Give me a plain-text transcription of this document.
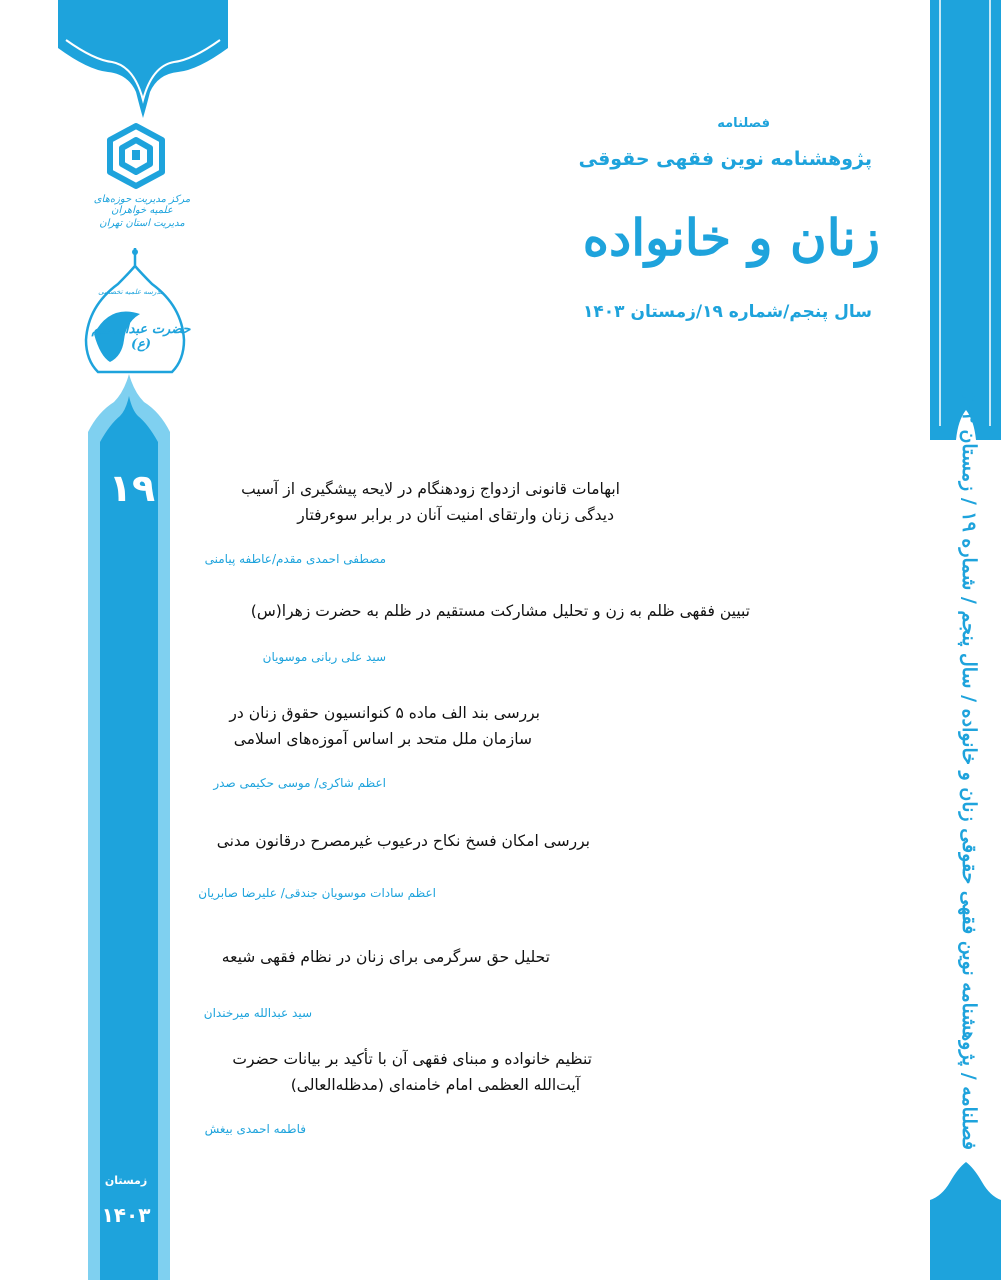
فصلنامه / پژوهشنامه نوین فقهی حقوقی زنان و خانواده / سال پنجم / شماره ۱۹ / زمستان ۱۴۰۳
۱۹
زمستان
۱۴۰۳
مرکز مدیریت حوزه‌های علمیه خواهران
مدیریت استان تهران
مدرسه علمیه تخصصی
حضرت عبدالعظیم (ع)
فصلنامه
پژوهشنامه نوین فقهی حقوقی
زنان و خانواده
سال پنجم/شماره ۱۹/زمستان ۱۴۰۳
ابهامات قانونی ازدواج زودهنگام در لایحه پیشگیری از آسیب
دیدگی زنان وارتقای امنیت آنان در برابر سوءرفتار
مصطفی احمدی مقدم/عاطفه پیامنی
تبیین فقهی ظلم به زن و تحلیل مشارکت مستقیم در ظلم به حضرت زهرا(س)
سید علی ربانی موسویان
بررسی بند الف ماده ۵ کنوانسیون حقوق زنان در
سازمان ملل متحد بر اساس آموزه‌های اسلامی
اعظم شاکری/ موسی حکیمی صدر
بررسی امکان فسخ نکاح درعیوب غیرمصرح درقانون مدنی
اعظم سادات موسویان جندقی/ علیرضا صابریان
تحلیل حق سرگرمی برای زنان در نظام فقهی شیعه
سید عبدالله میرخندان
تنظیم خانواده و مبنای فقهی آن با تأکید بر بیانات حضرت
آیت‌الله العظمی امام خامنه‌ای (مدظله‌العالی)
فاطمه احمدی بیغش
